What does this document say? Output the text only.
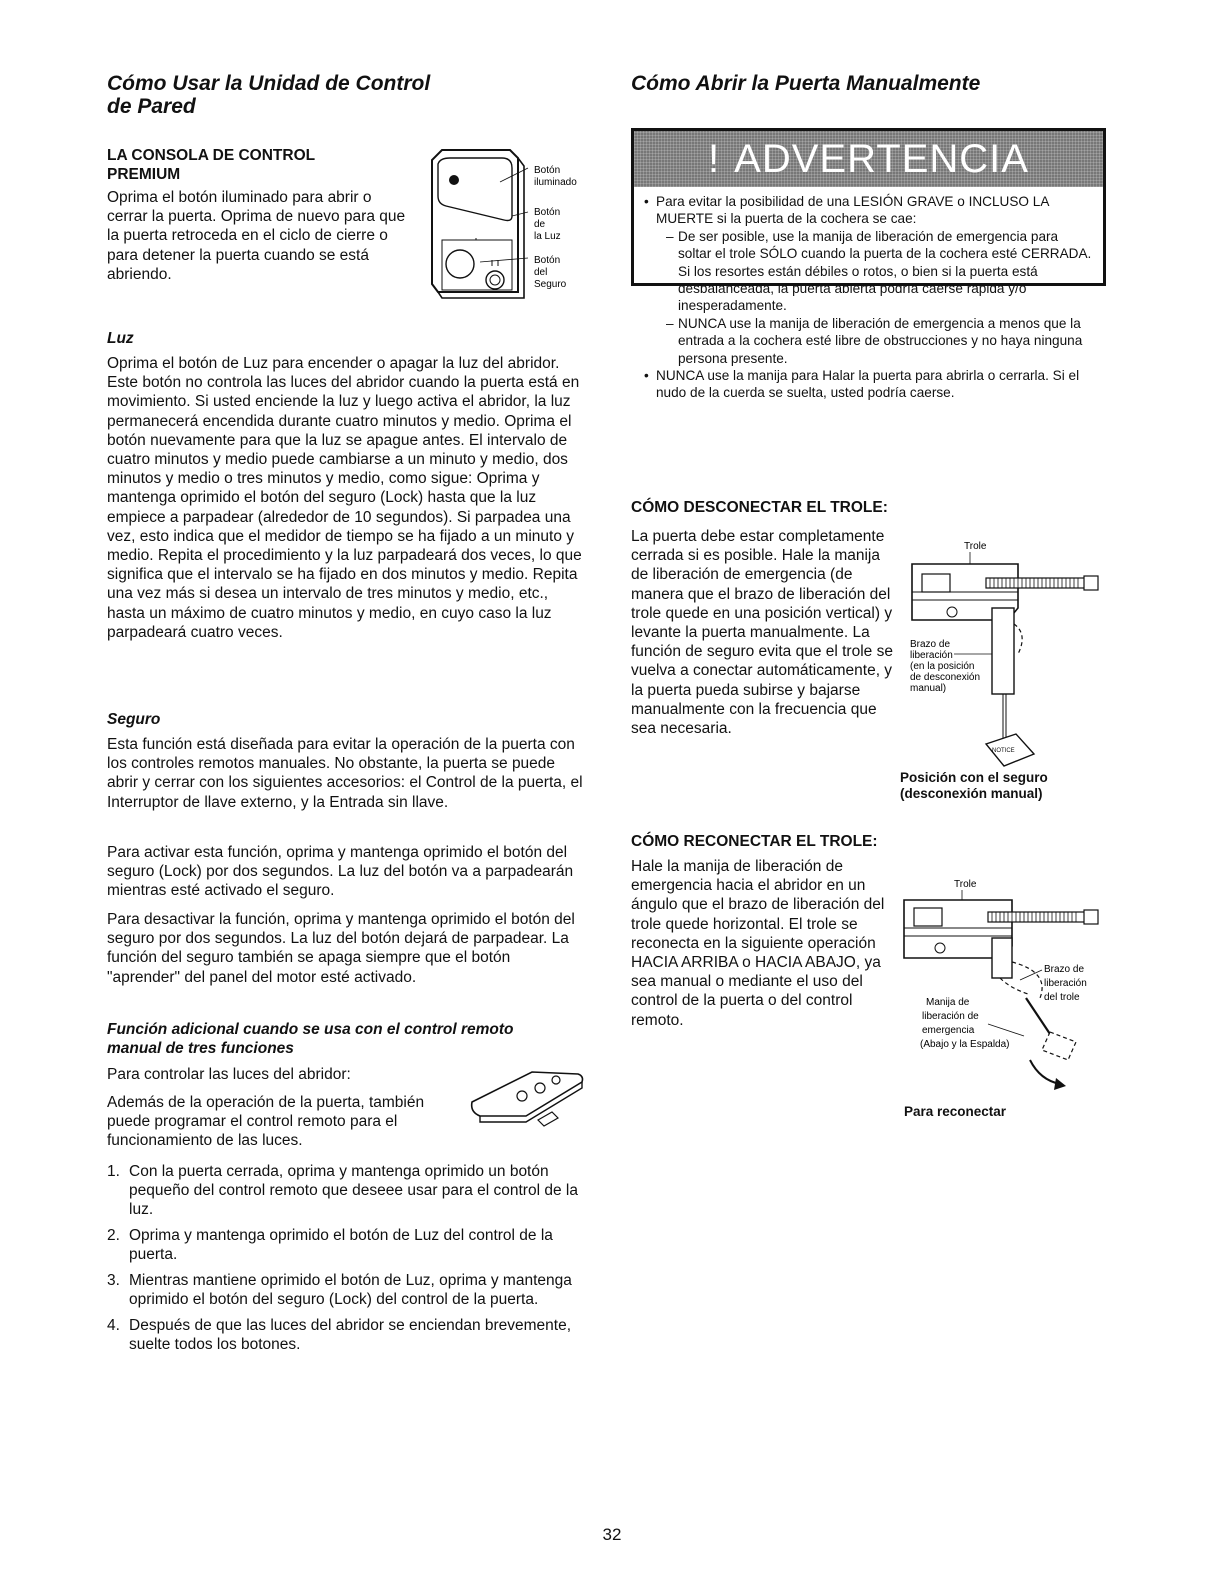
Cómo Usar la Unidad de Control
de Pared
LA CONSOLA DE CONTROL
PREMIUM

Oprima el botón iluminado para abrir o cerrar la puerta. Oprima de nuevo para que la puerta retroceda en el ciclo de cierre o para detener la puerta cuando se está abriendo.

Botón
iluminado
Botón
de
la Luz
Botón
del
Seguro
Luz

Oprima el botón de Luz para encender o apagar la luz del abridor. Este botón no controla las luces del abridor cuando la puerta está en movimiento. Si usted enciende la luz y luego activa el abridor, la luz permanecerá encendida durante cuatro minutos y medio. Oprima el botón nuevamente para que la luz se apague antes. El intervalo de cuatro minutos y medio puede cambiarse a un minuto y medio, dos minutos y medio o tres minutos y medio, como sigue: Oprima y mantenga oprimido el botón del seguro (Lock) hasta que la luz empiece a parpadear (alrededor de 10 segundos). Si parpadea una vez, esto indica que el medidor de tiempo se ha fijado a un minuto y medio. Repita el procedimiento y la luz parpadeará dos veces, lo que significa que el intervalo se ha fijado en dos minutos y medio. Repita una vez más si desea un intervalo de tres minutos y medio, etc., hasta un máximo de cuatro minutos y medio, en cuyo caso la luz parpadeará cuatro veces.

Seguro

Esta función está diseñada para evitar la operación de la puerta con los controles remotos manuales. No obstante, la puerta se puede abrir y cerrar con los siguientes accesorios: el Control de la puerta, el Interruptor de llave externo, y la Entrada sin llave.

Para activar esta función, oprima y mantenga oprimido el botón del seguro (Lock) por dos segundos. La luz del botón va a parpadearán mientras esté activado el seguro.

Para desactivar la función, oprima y mantenga oprimido el botón del seguro por dos segundos. La luz del botón dejará de parpadear. La función del seguro también se apaga siempre que el botón "aprender" del panel del motor esté activado.

Función adicional cuando se usa con el control remoto
manual de tres funciones

Para controlar las luces del abridor:

Además de la operación de la puerta, también puede programar el control remoto para el funcionamiento de las luces.

1. Con la puerta cerrada, oprima y mantenga oprimido un botón pequeño del control remoto que deseee usar para el control de la luz.
2. Oprima y mantenga oprimido el botón de Luz del control de la puerta.
3. Mientras mantiene oprimido el botón de Luz, oprima y mantenga oprimido el botón del seguro (Lock) del control de la puerta.
4. Después de que las luces del abridor se enciendan brevemente, suelte todos los botones.
Cómo Abrir la Puerta Manualmente
! ADVERTENCIA
• Para evitar la posibilidad de una LESIÓN GRAVE o INCLUSO LA MUERTE si la puerta de la cochera se cae:
– De ser posible, use la manija de liberación de emergencia para soltar el trole SÓLO cuando la puerta de la cochera esté CERRADA. Si los resortes están débiles o rotos, o bien si la puerta está desbalanceada, la puerta abierta podría caerse rápida y/o inesperadamente.
– NUNCA use la manija de liberación de emergencia a menos que la entrada a la cochera esté libre de obstrucciones y no haya ninguna persona presente.
• NUNCA use la manija para Halar la puerta para abrirla o cerrarla. Si el nudo de la cuerda se suelta, usted podría caerse.
CÓMO DESCONECTAR EL TROLE:

La puerta debe estar completamente cerrada si es posible. Hale la manija de liberación de emergencia (de manera que el brazo de liberación del trole quede en una posición vertical) y levante la puerta manualmente. La función de seguro evita que el trole se vuelva a conectar automáticamente, y la puerta pueda subirse y bajarse manualmente con la frecuencia que sea necesaria.

Trole
NOTICE
Brazo de
liberación
(en la posición
de desconexión
manual)
Posición con el seguro
(desconexión manual)
CÓMO RECONECTAR EL TROLE:

Hale la manija de liberación de emergencia hacia el abridor en un ángulo que el brazo de liberación del trole quede horizontal. El trole se reconecta en la siguiente operación HACIA ARRIBA o HACIA ABAJO, ya sea manual o mediante el uso del control de la puerta o del control remoto.

Trole
Brazo de
liberación
del trole
Manija de
liberación de
emergencia
(Abajo y la Espalda)
Para reconectar
32
